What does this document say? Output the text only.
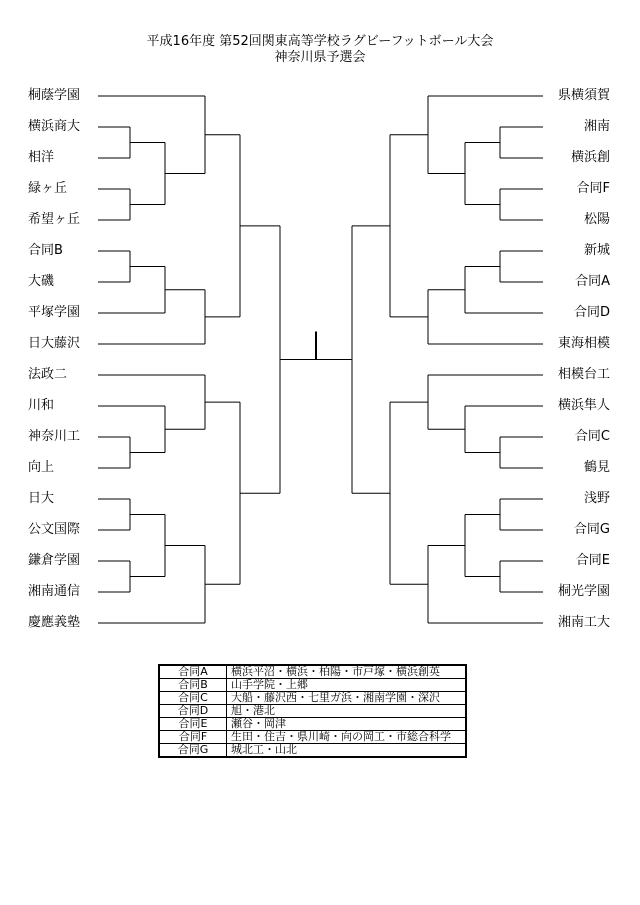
平成16年度 第52回関東高等学校ラグビーフットボール大会
神奈川県予選会
桐蔭学園
横浜商大
相洋
緑ヶ丘
希望ヶ丘
合同B
大磯
平塚学園
日大藤沢
法政二
川和
神奈川工
向上
日大
公文国際
鎌倉学園
湘南通信
慶應義塾
県横須賀
湘南
横浜創
合同F
松陽
新城
合同A
合同D
東海相模
相模台工
横浜隼人
合同C
鶴見
浅野
合同G
合同E
桐光学園
湘南工大
合同A	横浜平沼・横浜・柏陽・市戸塚・横浜創英
合同B	山手学院・上郷
合同C	大船・藤沢西・七里ガ浜・湘南学園・深沢
合同D	旭・港北
合同E	瀬谷・岡津
合同F	生田・住吉・県川崎・向の岡工・市総合科学
合同G	城北工・山北
